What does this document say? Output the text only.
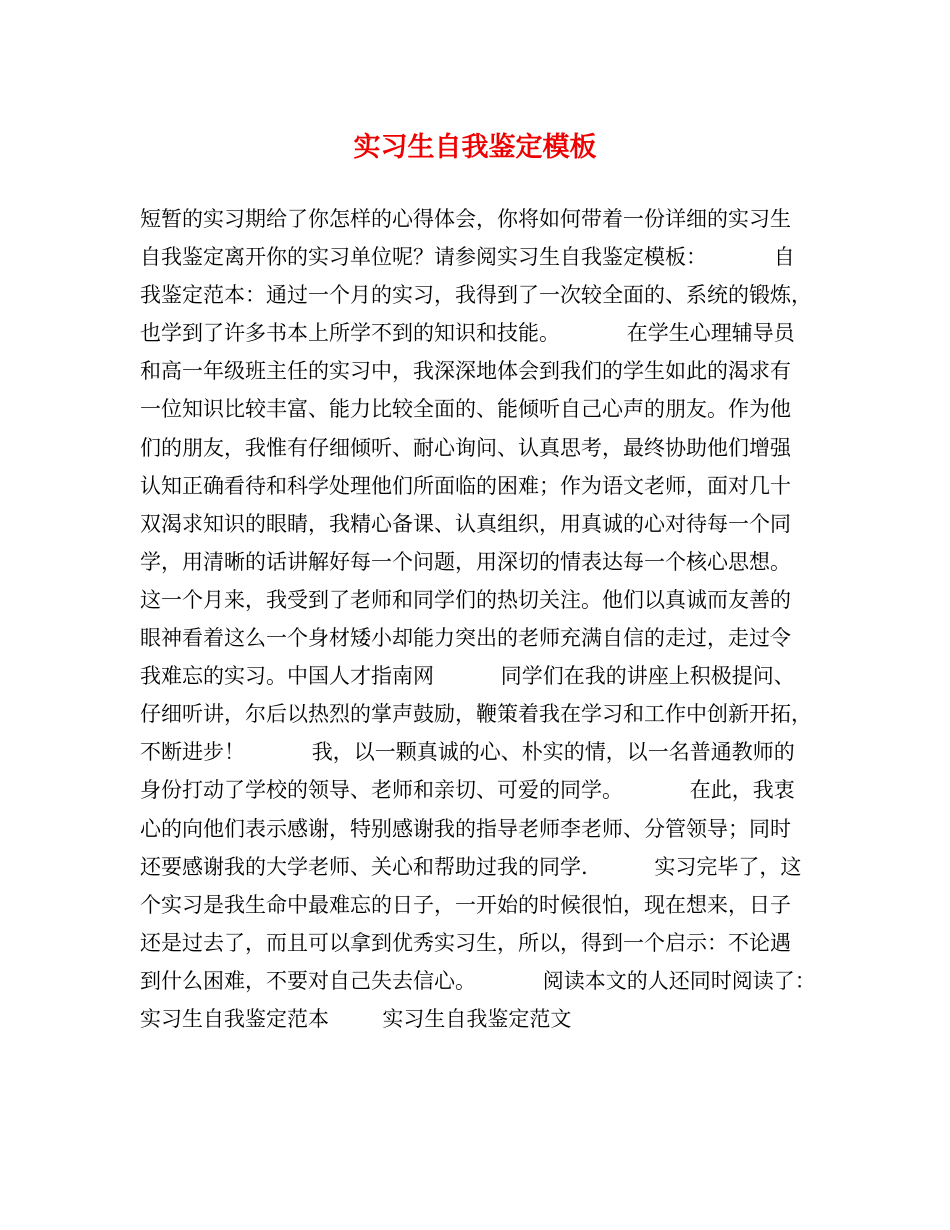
实习生自我鉴定模板
短暂的实习期给了你怎样的心得体会，你将如何带着一份详细的实习生
自我鉴定离开你的实习单位呢？请参阅实习生自我鉴定模板：          自
我鉴定范本：通过一个月的实习，我得到了一次较全面的、系统的锻炼，
也学到了许多书本上所学不到的知识和技能。          在学生心理辅导员
和高一年级班主任的实习中，我深深地体会到我们的学生如此的渴求有
一位知识比较丰富、能力比较全面的、能倾听自己心声的朋友。作为他
们的朋友，我惟有仔细倾听、耐心询问、认真思考，最终协助他们增强
认知正确看待和科学处理他们所面临的困难；作为语文老师，面对几十
双渴求知识的眼睛，我精心备课、认真组织，用真诚的心对待每一个同
学，用清晰的话讲解好每一个问题，用深切的情表达每一个核心思想。
这一个月来，我受到了老师和同学们的热切关注。他们以真诚而友善的
眼神看着这么一个身材矮小却能力突出的老师充满自信的走过，走过令
我难忘的实习。中国人才指南网          同学们在我的讲座上积极提问、
仔细听讲，尔后以热烈的掌声鼓励，鞭策着我在学习和工作中创新开拓，
不断进步！          我，以一颗真诚的心、朴实的情，以一名普通教师的
身份打动了学校的领导、老师和亲切、可爱的同学。          在此，我衷
心的向他们表示感谢，特别感谢我的指导老师李老师、分管领导；同时
还要感谢我的大学老师、关心和帮助过我的同学.          实习完毕了，这
个实习是我生命中最难忘的日子，一开始的时候很怕，现在想来，日子
还是过去了，而且可以拿到优秀实习生，所以，得到一个启示：不论遇
到什么困难，不要对自己失去信心。          阅读本文的人还同时阅读了：
实习生自我鉴定范本        实习生自我鉴定范文
